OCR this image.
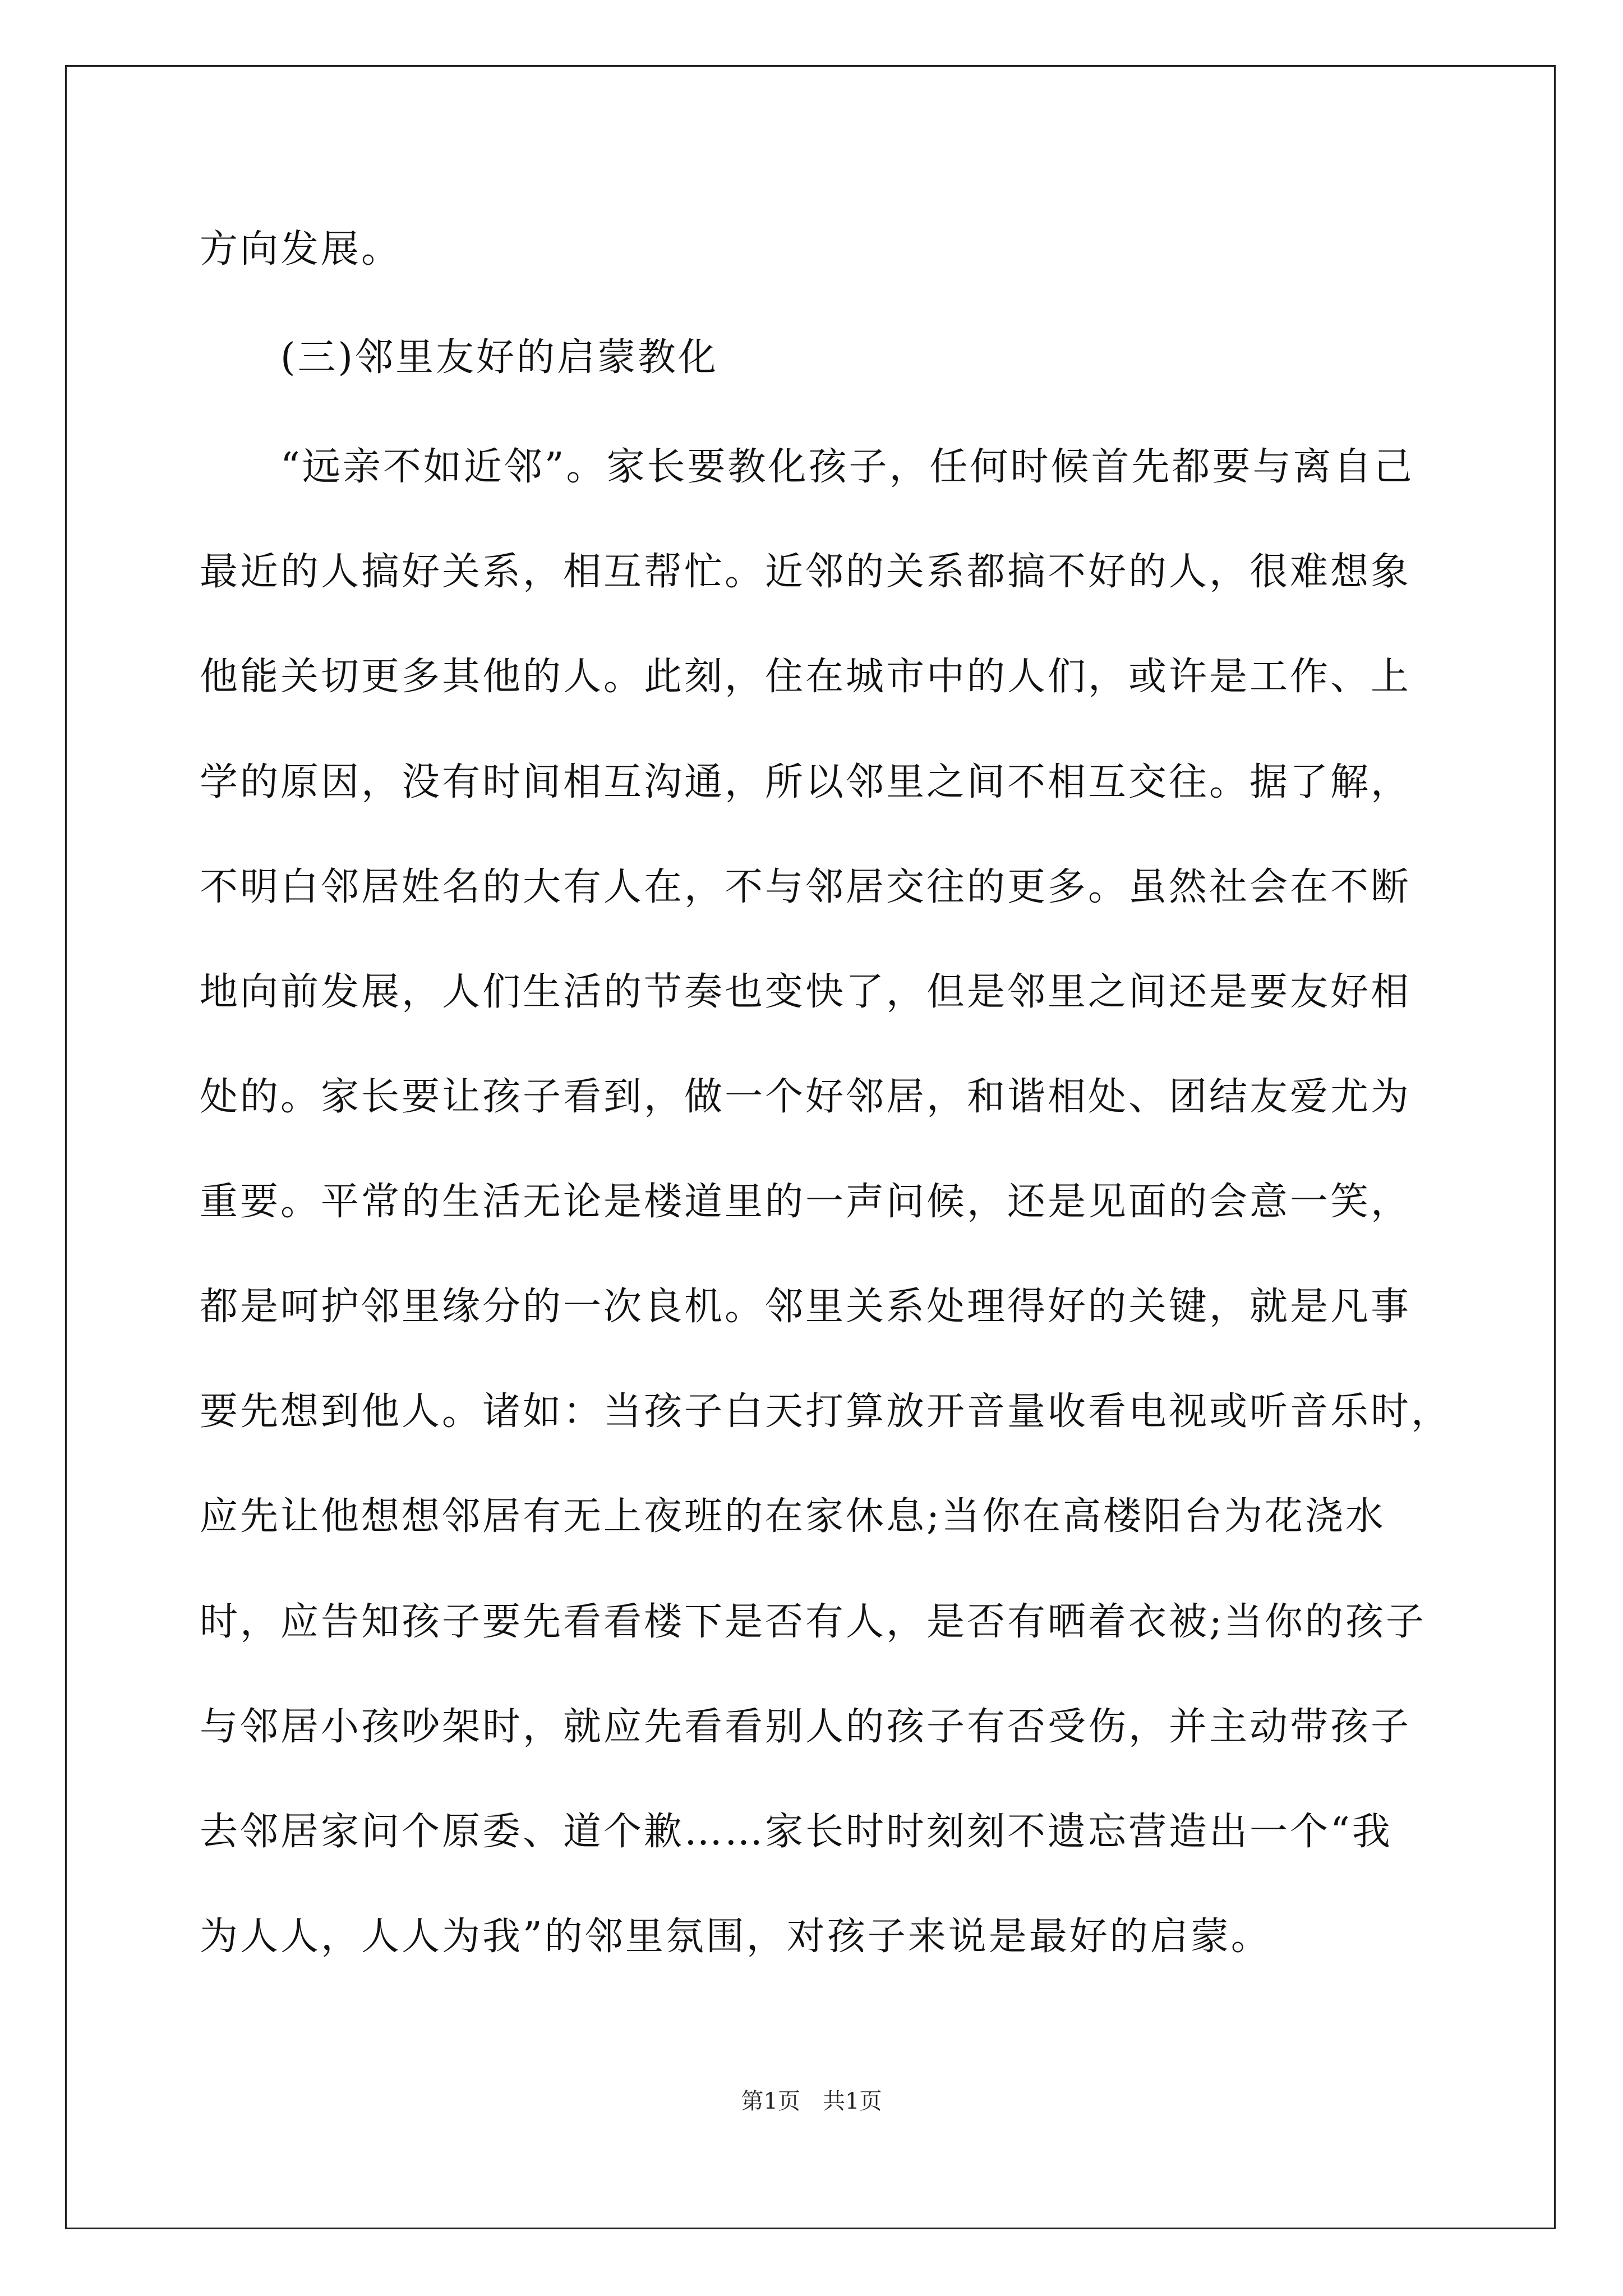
方向发展。
(三)邻里友好的启蒙教化
“远亲不如近邻”。家长要教化孩子，任何时候首先都要与离自己
最近的人搞好关系，相互帮忙。近邻的关系都搞不好的人，很难想象
他能关切更多其他的人。此刻，住在城市中的人们，或许是工作、上
学的原因，没有时间相互沟通，所以邻里之间不相互交往。据了解，
不明白邻居姓名的大有人在，不与邻居交往的更多。虽然社会在不断
地向前发展，人们生活的节奏也变快了，但是邻里之间还是要友好相
处的。家长要让孩子看到，做一个好邻居，和谐相处、团结友爱尤为
重要。平常的生活无论是楼道里的一声问候，还是见面的会意一笑，
都是呵护邻里缘分的一次良机。邻里关系处理得好的关键，就是凡事
要先想到他人。诸如：当孩子白天打算放开音量收看电视或听音乐时，
应先让他想想邻居有无上夜班的在家休息;当你在高楼阳台为花浇水
时，应告知孩子要先看看楼下是否有人，是否有晒着衣被;当你的孩子
与邻居小孩吵架时，就应先看看别人的孩子有否受伤，并主动带孩子
去邻居家问个原委、道个歉……家长时时刻刻不遗忘营造出一个“我
为人人，人人为我”的邻里氛围，对孩子来说是最好的启蒙。
第1页　共1页
